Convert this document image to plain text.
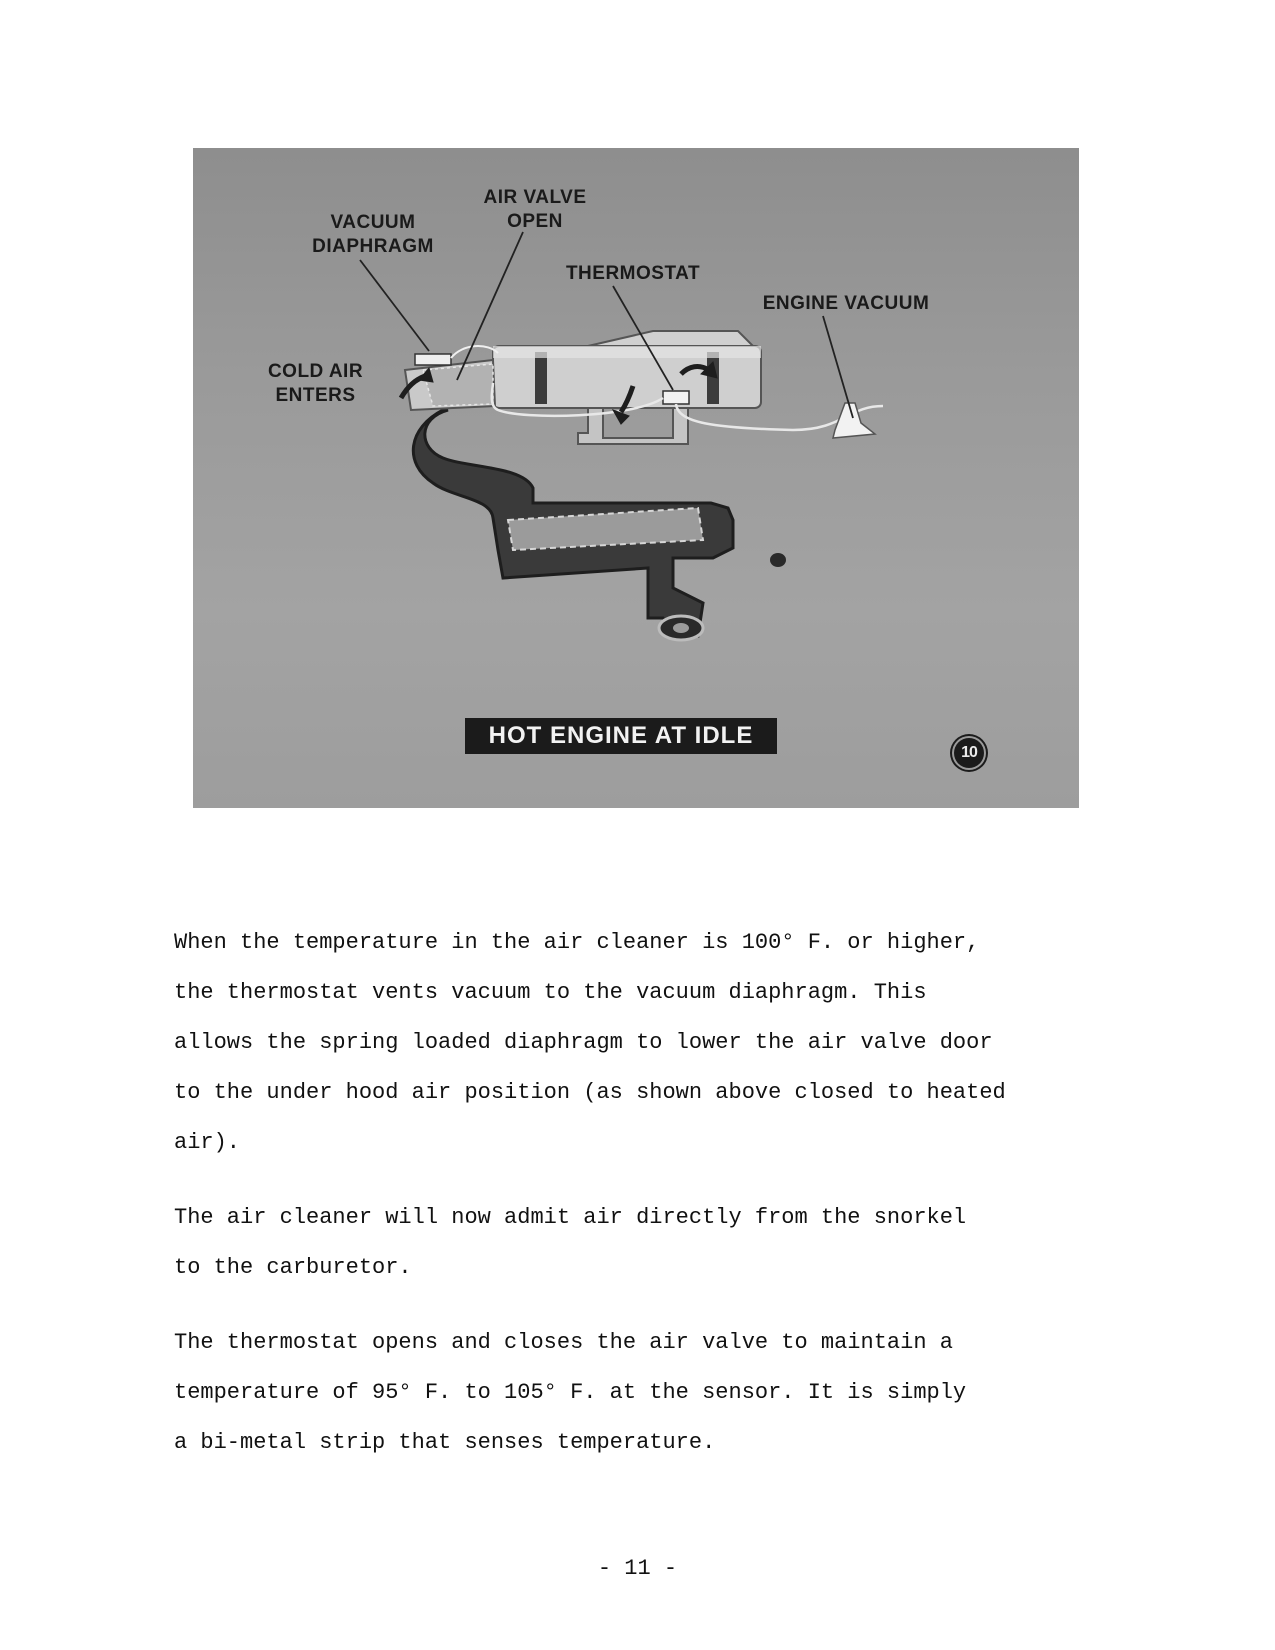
VACUUM
DIAPHRAGM
AIR VALVE
OPEN
THERMOSTAT
ENGINE VACUUM
COLD AIR
ENTERS
HOT ENGINE AT IDLE
10
When the temperature in the air cleaner is 100° F. or higher,
the thermostat vents vacuum to the vacuum diaphragm. This
allows the spring loaded diaphragm to lower the air valve door
to the under hood air position (as shown above closed to heated
air).
The air cleaner will now admit air directly from the snorkel
to the carburetor.
The thermostat opens and closes the air valve to maintain a
temperature of 95° F. to 105° F. at the sensor. It is simply
a bi-metal strip that senses temperature.
- 11 -
